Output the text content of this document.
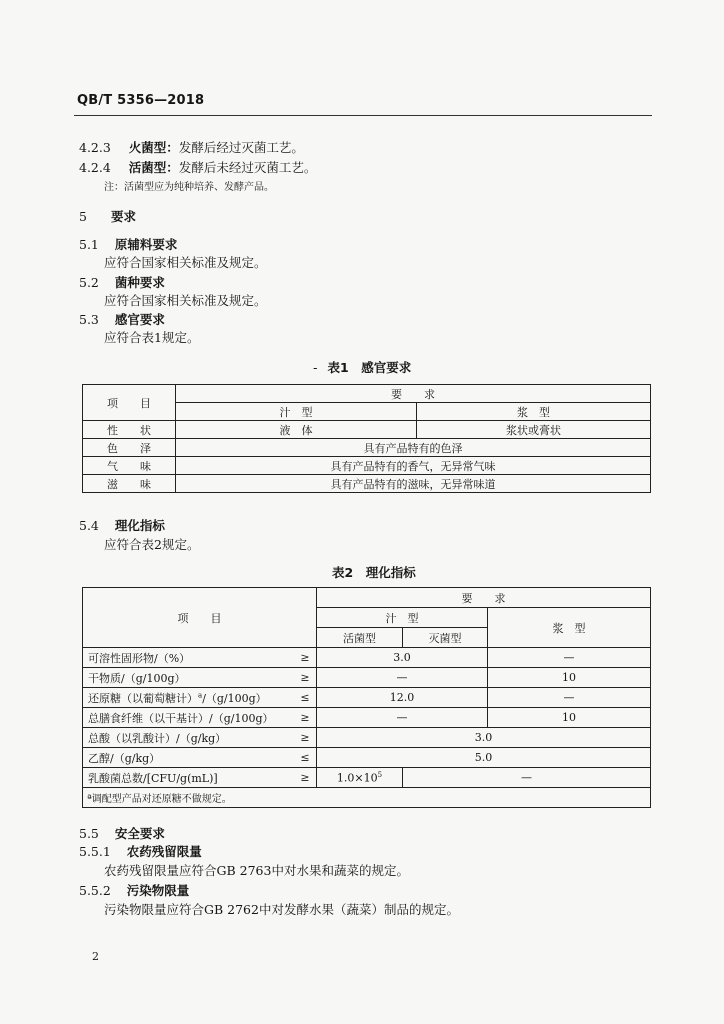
QB/T 5356—2018
4.2.3 火菌型：发酵后经过灭菌工艺。
4.2.4 活菌型：发酵后未经过灭菌工艺。
注：活菌型应为纯种培养、发酵产品。
5 要求
5.1 原辅料要求
应符合国家相关标准及规定。
5.2 菌种要求
应符合国家相关标准及规定。
5.3 感官要求
应符合表1规定。
- 表1　感官要求
项　　目	要　　求	
	汁　型	浆　型
性　　状	液　体	浆状或膏状
色　　泽	具有产品特有的色泽	
气　　味	具有产品特有的香气，无异常气味	
滋　　味	具有产品特有的滋味，无异常味道	
5.4 理化指标
应符合表2规定。
表2　理化指标
项　　目		要　　求		
		汁　型		浆　型
		活菌型	灭菌型	
可溶性固形物/（%）	≥	3.0		—
干物质/（g/100g）	≥	—		10
还原糖（以葡萄糖计）$^a$/（g/100g）	≤	12.0		—
总膳食纤维（以干基计）/（g/100g）	≥	—		10
总酸（以乳酸计）/（g/kg）	≥	3.0		
乙醇/（g/kg）	≤	5.0		
乳酸菌总数/[CFU/g(mL)]	≥	$1.0\times 10^5$	—	
ª调配型产品对还原糖不做规定。				
5.5 安全要求
5.5.1 农药残留限量
农药残留限量应符合GB 2763中对水果和蔬菜的规定。
5.5.2 污染物限量
污染物限量应符合GB 2762中对发酵水果（蔬菜）制品的规定。
2
